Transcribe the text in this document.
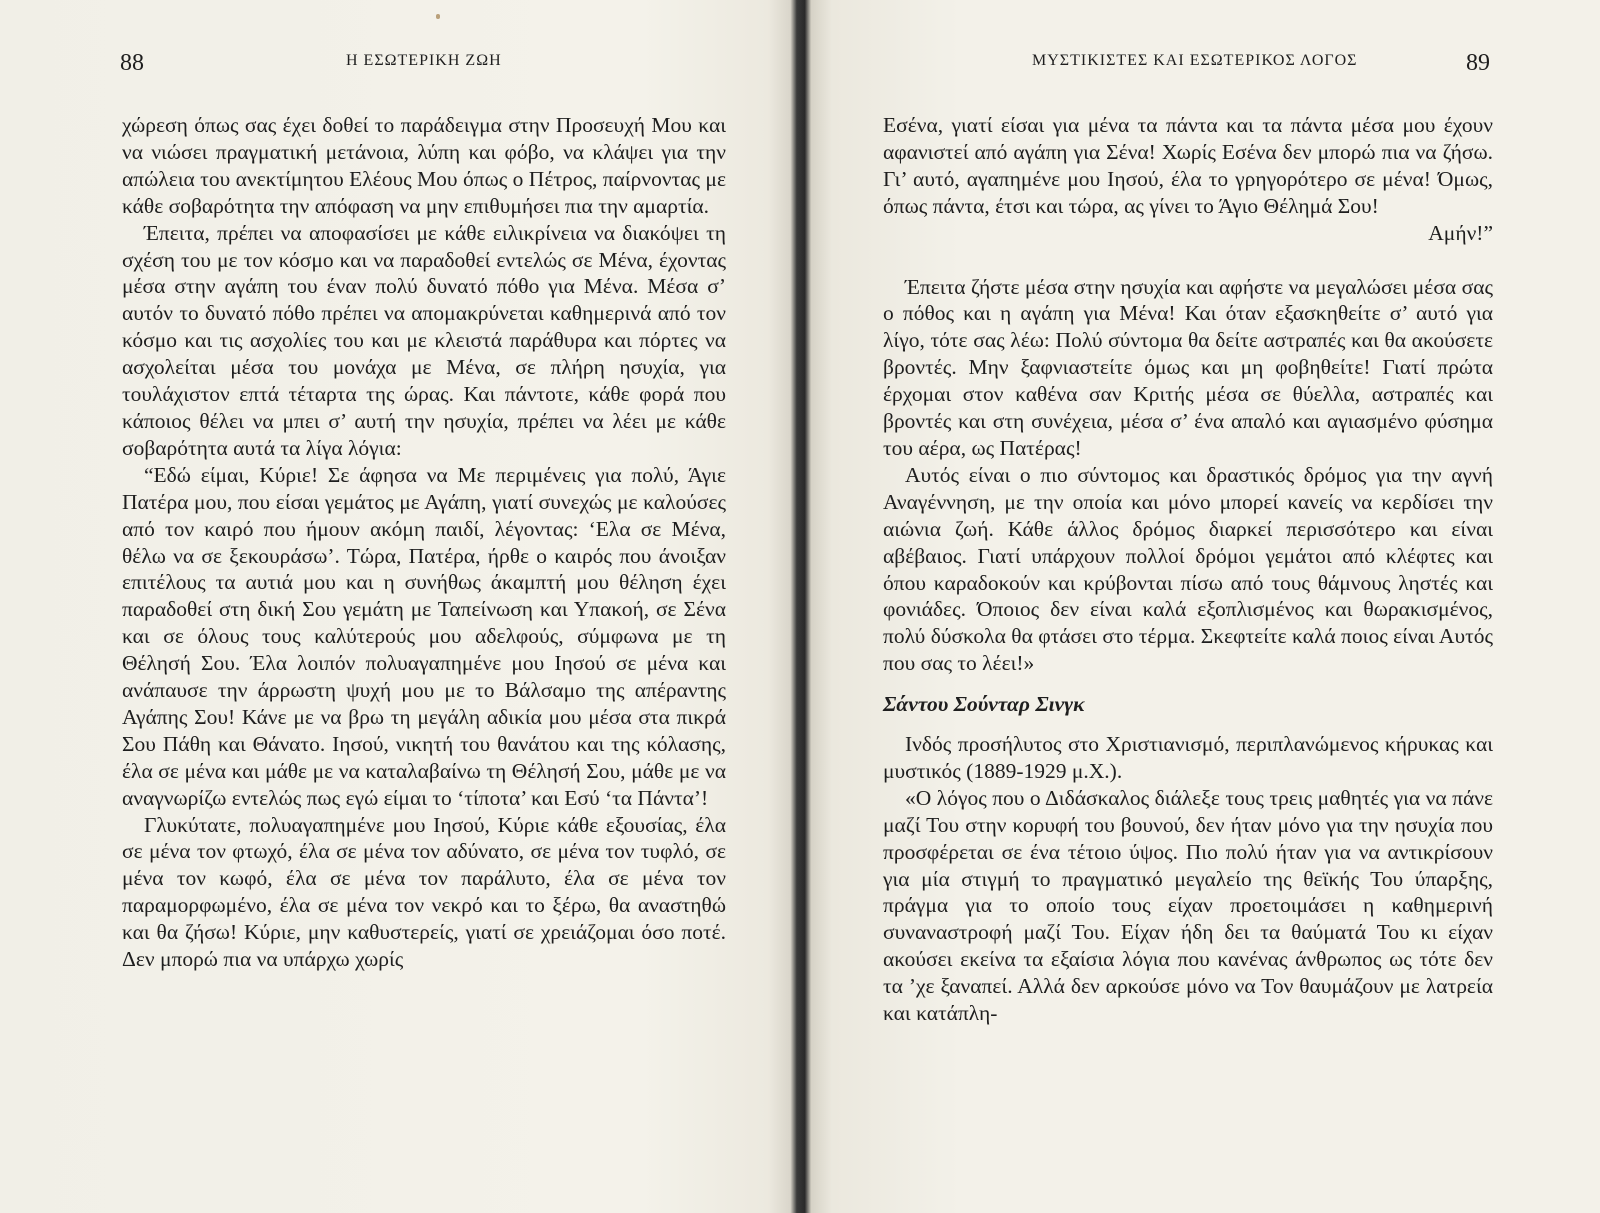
88	Η ΕΣΩΤΕΡΙΚΗ ΖΩΗ

χώρεση όπως σας έχει δοθεί το παράδειγμα στην Προσευχή Μου και να νιώσει πραγματική μετάνοια, λύπη και φόβο, να κλάψει για την απώλεια του ανεκτίμητου Ελέους Μου όπως ο Πέτρος, παίρνοντας με κάθε σοβαρότητα την απόφαση να μην επιθυμήσει πια την αμαρτία.

Έπειτα, πρέπει να αποφασίσει με κάθε ειλικρίνεια να διακόψει τη σχέση του με τον κόσμο και να παραδοθεί εντελώς σε Μένα, έχοντας μέσα στην αγάπη του έναν πολύ δυνατό πόθο για Μένα. Μέσα σ’ αυτόν το δυνατό πόθο πρέπει να απομακρύνεται καθημερινά από τον κόσμο και τις ασχολίες του και με κλειστά παράθυρα και πόρτες να ασχολείται μέσα του μονάχα με Μένα, σε πλήρη ησυχία, για τουλάχιστον επτά τέταρτα της ώρας. Και πάντοτε, κάθε φορά που κάποιος θέλει να μπει σ’ αυτή την ησυχία, πρέπει να λέει με κάθε σοβαρότητα αυτά τα λίγα λόγια:

“Εδώ είμαι, Κύριε! Σε άφησα να Με περιμένεις για πολύ, Άγιε Πατέρα μου, που είσαι γεμάτος με Αγάπη, γιατί συνεχώς με καλούσες από τον καιρό που ήμουν ακόμη παιδί, λέγοντας: ‘Ελα σε Μένα, θέλω να σε ξεκουράσω’. Τώρα, Πατέρα, ήρθε ο καιρός που άνοιξαν επιτέλους τα αυτιά μου και η συνήθως άκαμπτή μου θέληση έχει παραδοθεί στη δική Σου γεμάτη με Ταπείνωση και Υπακοή, σε Σένα και σε όλους τους καλύτερούς μου αδελφούς, σύμφωνα με τη Θέλησή Σου. Έλα λοιπόν πολυαγαπημένε μου Ιησού σε μένα και ανάπαυσε την άρρωστη ψυχή μου με το Βάλσαμο της απέραντης Αγάπης Σου! Κάνε με να βρω τη μεγάλη αδικία μου μέσα στα πικρά Σου Πάθη και Θάνατο. Ιησού, νικητή του θανάτου και της κόλασης, έλα σε μένα και μάθε με να καταλαβαίνω τη Θέλησή Σου, μάθε με να αναγνωρίζω εντελώς πως εγώ είμαι το ‘τίποτα’ και Εσύ ‘τα Πάντα’!

Γλυκύτατε, πολυαγαπημένε μου Ιησού, Κύριε κάθε εξουσίας, έλα σε μένα τον φτωχό, έλα σε μένα τον αδύνατο, σε μένα τον τυφλό, σε μένα τον κωφό, έλα σε μένα τον παράλυτο, έλα σε μένα τον παραμορφωμένο, έλα σε μένα τον νεκρό και το ξέρω, θα αναστηθώ και θα ζήσω! Κύριε, μην καθυστερείς, γιατί σε χρειάζομαι όσο ποτέ. Δεν μπορώ πια να υπάρχω χωρίς

ΜΥΣΤΙΚΙΣΤΕΣ ΚΑΙ ΕΣΩΤΕΡΙΚΟΣ ΛΟΓΟΣ	89

Εσένα, γιατί είσαι για μένα τα πάντα και τα πάντα μέσα μου έχουν αφανιστεί από αγάπη για Σένα! Χωρίς Εσένα δεν μπορώ πια να ζήσω. Γι’ αυτό, αγαπημένε μου Ιησού, έλα το γρηγορότερο σε μένα! Όμως, όπως πάντα, έτσι και τώρα, ας γίνει το Άγιο Θέλημά Σου!

Αμήν!”

Έπειτα ζήστε μέσα στην ησυχία και αφήστε να μεγαλώσει μέσα σας ο πόθος και η αγάπη για Μένα! Και όταν εξασκηθείτε σ’ αυτό για λίγο, τότε σας λέω: Πολύ σύντομα θα δείτε αστραπές και θα ακούσετε βροντές. Μην ξαφνιαστείτε όμως και μη φοβηθείτε! Γιατί πρώτα έρχομαι στον καθένα σαν Κριτής μέσα σε θύελλα, αστραπές και βροντές και στη συνέχεια, μέσα σ’ ένα απαλό και αγιασμένο φύσημα του αέρα, ως Πατέρας!

Αυτός είναι ο πιο σύντομος και δραστικός δρόμος για την αγνή Αναγέννηση, με την οποία και μόνο μπορεί κανείς να κερδίσει την αιώνια ζωή. Κάθε άλλος δρόμος διαρκεί περισσότερο και είναι αβέβαιος. Γιατί υπάρχουν πολλοί δρόμοι γεμάτοι από κλέφτες και όπου καραδοκούν και κρύβονται πίσω από τους θάμνους ληστές και φονιάδες. Όποιος δεν είναι καλά εξοπλισμένος και θωρακισμένος, πολύ δύσκολα θα φτάσει στο τέρμα. Σκεφτείτε καλά ποιος είναι Αυτός που σας το λέει!»

Σάντου Σούνταρ Σινγκ

Ινδός προσήλυτος στο Χριστιανισμό, περιπλανώμενος κήρυκας και μυστικός (1889-1929 μ.Χ.).

«Ο λόγος που ο Διδάσκαλος διάλεξε τους τρεις μαθητές για να πάνε μαζί Του στην κορυφή του βουνού, δεν ήταν μόνο για την ησυχία που προσφέρεται σε ένα τέτοιο ύψος. Πιο πολύ ήταν για να αντικρίσουν για μία στιγμή το πραγματικό μεγαλείο της θεϊκής Του ύπαρξης, πράγμα για το οποίο τους είχαν προετοιμάσει η καθημερινή συναναστροφή μαζί Του. Είχαν ήδη δει τα θαύματά Του κι είχαν ακούσει εκείνα τα εξαίσια λόγια που κανένας άνθρωπος ως τότε δεν τα ’χε ξαναπεί. Αλλά δεν αρκούσε μόνο να Τον θαυμάζουν με λατρεία και κατάπλη-
